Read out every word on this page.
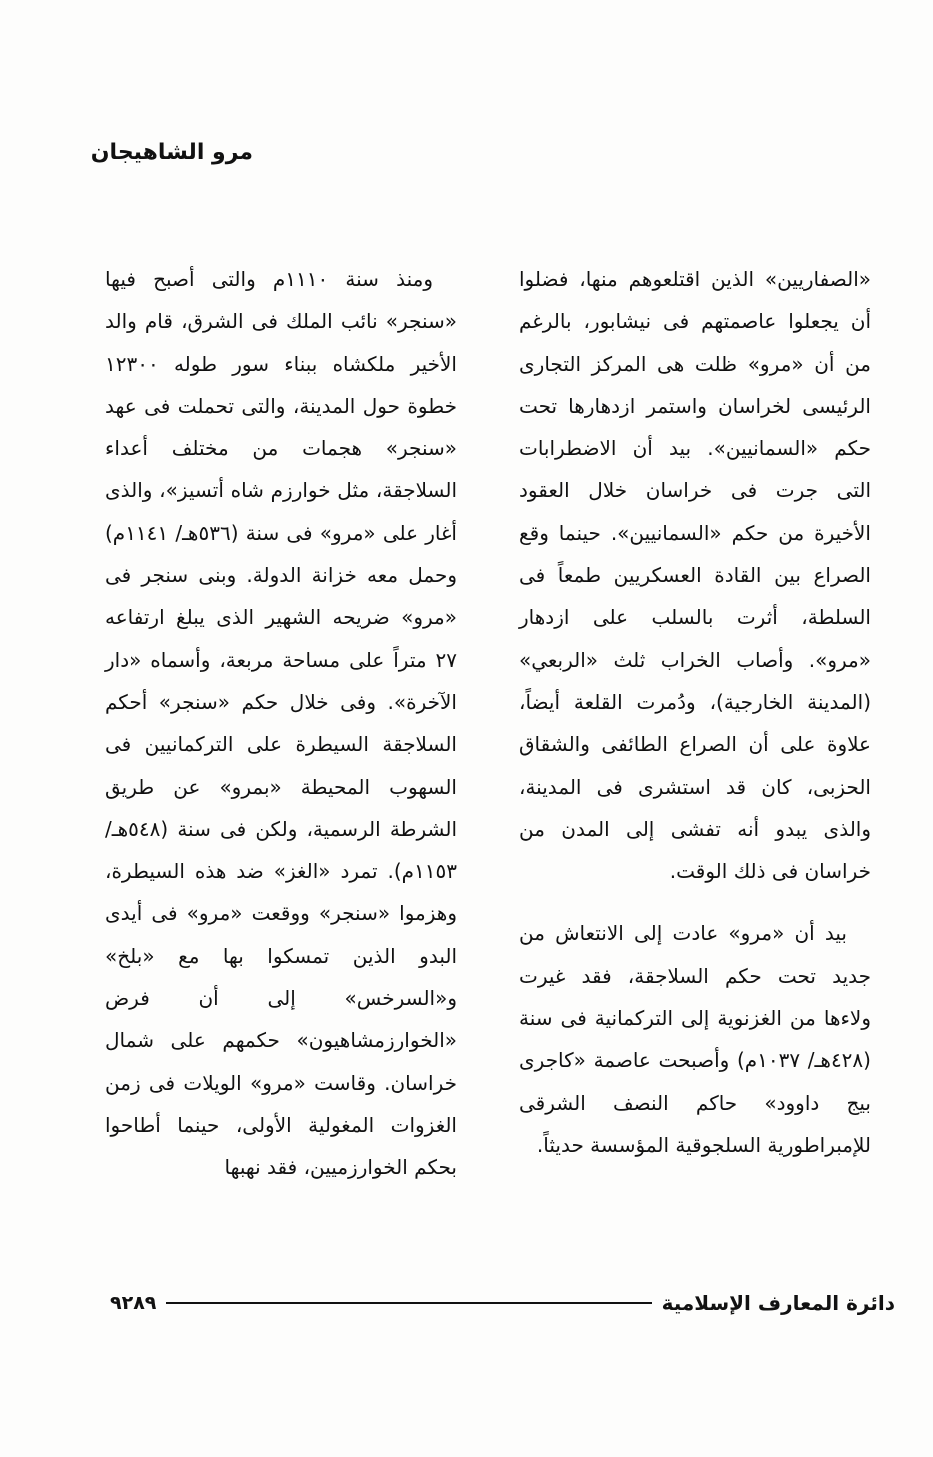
مرو الشاهيجان

«الصفاريين» الذين اقتلعوهم منها، فضلوا أن يجعلوا عاصمتهم فى نيشابور، بالرغم من أن «مرو» ظلت هى المركز التجارى الرئيسى لخراسان واستمر ازدهارها تحت حكم «السمانيين». بيد أن الاضطرابات التى جرت فى خراسان خلال العقود الأخيرة من حكم «السمانيين». حينما وقع الصراع بين القادة العسكريين طمعاً فى السلطة، أثرت بالسلب على ازدهار «مرو». وأصاب الخراب ثلث «الربعي» (المدينة الخارجية)، ودُمرت القلعة أيضاً، علاوة على أن الصراع الطائفى والشقاق الحزبى، كان قد استشرى فى المدينة، والذى يبدو أنه تفشى إلى المدن من خراسان فى ذلك الوقت.

بيد أن «مرو» عادت إلى الانتعاش من جديد تحت حكم السلاجقة، فقد غيرت ولاءها من الغزنوية إلى التركمانية فى سنة (٤٢٨هـ/ ١٠٣٧م) وأصبحت عاصمة «كاجرى بيج داوود» حاكم النصف الشرقى للإمبراطورية السلجوقية المؤسسة حديثاً.

ومنذ سنة ١١١٠م والتى أصبح فيها «سنجر» نائب الملك فى الشرق، قام والد الأخير ملكشاه ببناء سور طوله ١٢٣٠٠ خطوة حول المدينة، والتى تحملت فى عهد «سنجر» هجمات من مختلف أعداء السلاجقة، مثل خوارزم شاه أتسيز»، والذى أغار على «مرو» فى سنة (٥٣٦هـ/ ١١٤١م) وحمل معه خزانة الدولة. وبنى سنجر فى «مرو» ضريحه الشهير الذى يبلغ ارتفاعه ٢٧ متراً على مساحة مربعة، وأسماه «دار الآخرة». وفى خلال حكم «سنجر» أحكم السلاجقة السيطرة على التركمانيين فى السهوب المحيطة «بمرو» عن طريق الشرطة الرسمية، ولكن فى سنة (٥٤٨هـ/ ١١٥٣م). تمرد «الغز» ضد هذه السيطرة، وهزموا «سنجر» ووقعت «مرو» فى أيدى البدو الذين تمسكوا بها مع «بلخ» و«السرخس» إلى أن فرض «الخوارزمشاهيون» حكمهم على شمال خراسان. وقاست «مرو» الويلات فى زمن الغزوات المغولية الأولى، حينما أطاحوا بحكم الخوارزميين، فقد نهبها

دائرة المعارف الإسلامية
٩٢٨٩
